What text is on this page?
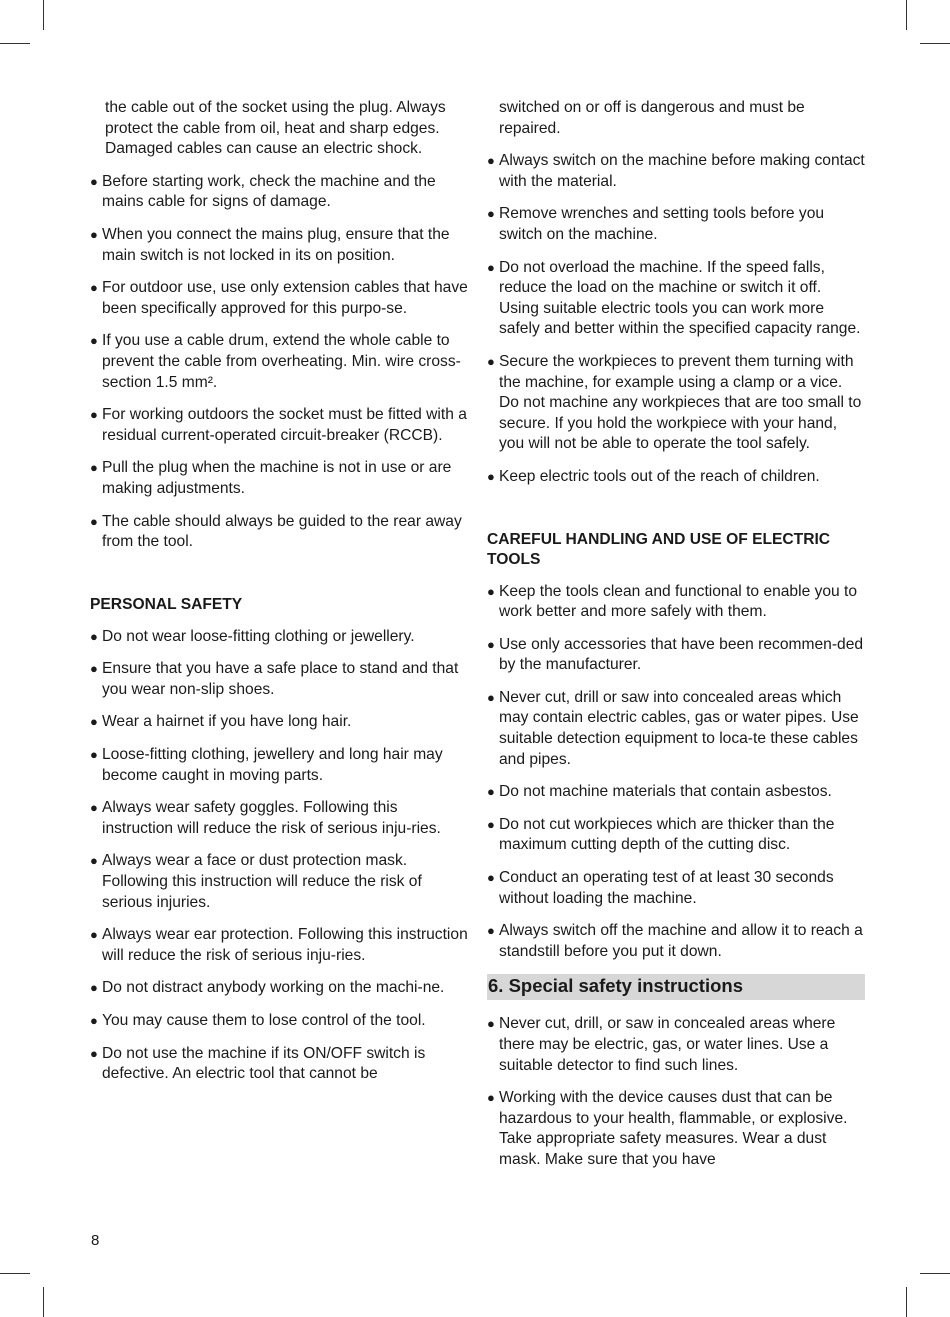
the cable out of the socket using the plug. Always protect the cable from oil, heat and sharp edges. Damaged cables can cause an electric shock.

● Before starting work, check the machine and the mains cable for signs of damage.
● When you connect the mains plug, ensure that the main switch is not locked in its on position.
● For outdoor use, use only extension cables that have been specifically approved for this purpo-se.
● If you use a cable drum, extend the whole cable to prevent the cable from overheating. Min. wire cross-section 1.5 mm².
● For working outdoors the socket must be fitted with a residual current-operated circuit-breaker (RCCB).
● Pull the plug when the machine is not in use or are making adjustments.
● The cable should always be guided to the rear away from the tool.
PERSONAL SAFETY
● Do not wear loose-fitting clothing or jewellery.
● Ensure that you have a safe place to stand and that you wear non-slip shoes.
● Wear a hairnet if you have long hair.
● Loose-fitting clothing, jewellery and long hair may become caught in moving parts.
● Always wear safety goggles. Following this instruction will reduce the risk of serious inju-ries.
● Always wear a face or dust protection mask. Following this instruction will reduce the risk of serious injuries.
● Always wear ear protection. Following this instruction will reduce the risk of serious inju-ries.
● Do not distract anybody working on the machi-ne.
● You may cause them to lose control of the tool.
● Do not use the machine if its ON/OFF switch is defective. An electric tool that cannot be

switched on or off is dangerous and must be repaired.

● Always switch on the machine before making contact with the material.
● Remove wrenches and setting tools before you switch on the machine.
● Do not overload the machine. If the speed falls, reduce the load on the machine or switch it off. Using suitable electric tools you can work more safely and better within the specified capacity range.
● Secure the workpieces to prevent them turning with the machine, for example using a clamp or a vice. Do not machine any workpieces that are too small to secure. If you hold the workpiece with your hand, you will not be able to operate the tool safely.
● Keep electric tools out of the reach of children.
CAREFUL HANDLING AND USE OF ELECTRIC TOOLS
● Keep the tools clean and functional to enable you to work better and more safely with them.
● Use only accessories that have been recommen-ded by the manufacturer.
● Never cut, drill or saw into concealed areas which may contain electric cables, gas or water pipes. Use suitable detection equipment to loca-te these cables and pipes.
● Do not machine materials that contain asbestos.
● Do not cut workpieces which are thicker than the maximum cutting depth of the cutting disc.
● Conduct an operating test of at least 30 seconds without loading the machine.
● Always switch off the machine and allow it to reach a standstill before you put it down.
6. Special safety instructions
● Never cut, drill, or saw in concealed areas where there may be electric, gas, or water lines. Use a suitable detector to find such lines.
● Working with the device causes dust that can be hazardous to your health, flammable, or explosive. Take appropriate safety measures. Wear a dust mask. Make sure that you have
8
